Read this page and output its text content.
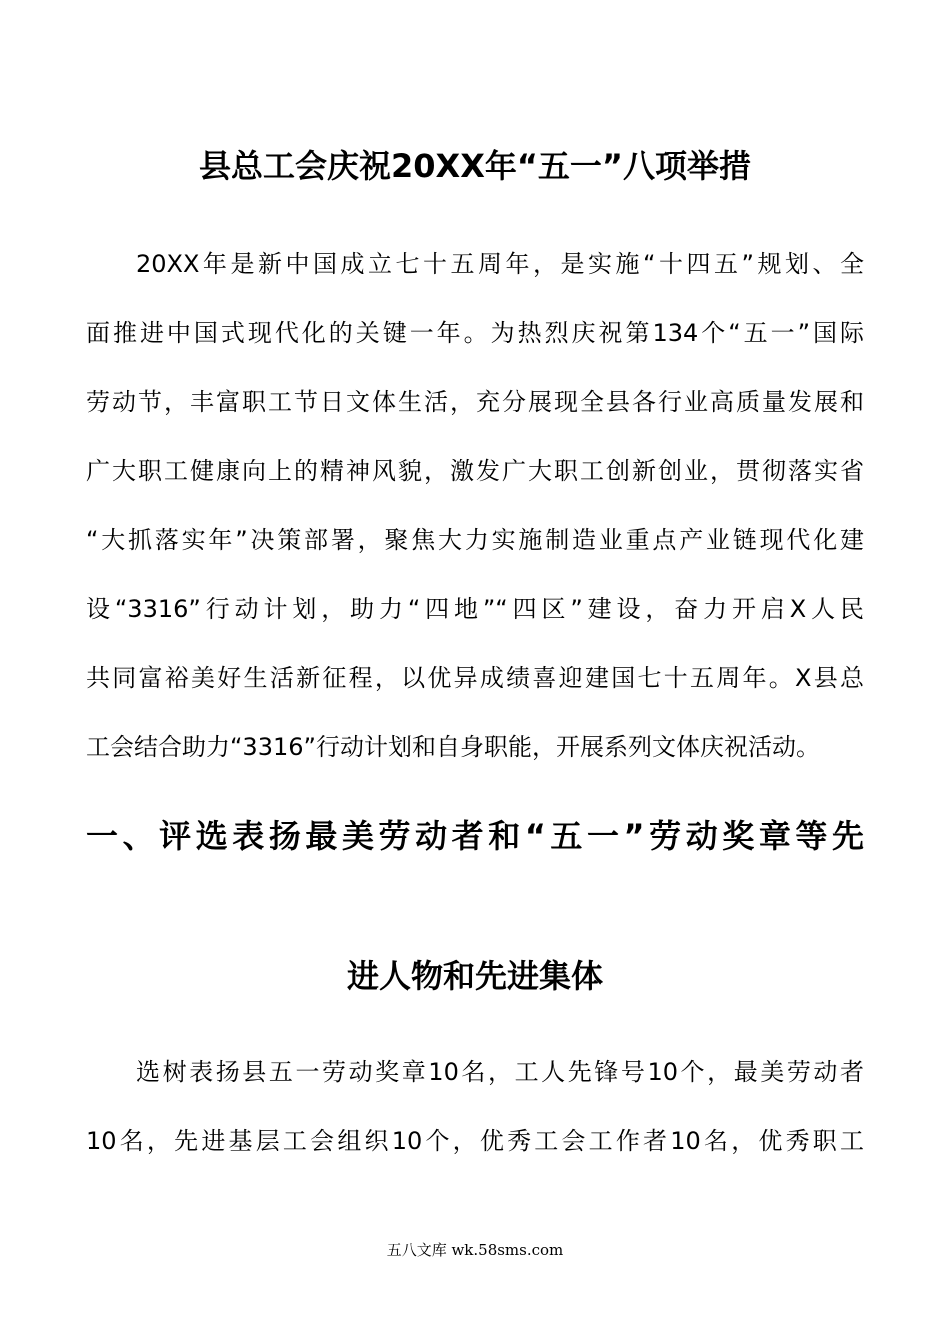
县总工会庆祝20XX年“五一”八项举措
20XX年是新中国成立七十五周年，是实施“十四五”规划、全
面推进中国式现代化的关键一年。为热烈庆祝第134个“五一”国际
劳动节，丰富职工节日文体生活，充分展现全县各行业高质量发展和
广大职工健康向上的精神风貌，激发广大职工创新创业，贯彻落实省
“大抓落实年”决策部署，聚焦大力实施制造业重点产业链现代化建
设“3316”行动计划，助力“四地”“四区”建设，奋力开启X人民
共同富裕美好生活新征程，以优异成绩喜迎建国七十五周年。X县总
工会结合助力“3316”行动计划和自身职能，开展系列文体庆祝活动。
一、评选表扬最美劳动者和“五一”劳动奖章等先
进人物和先进集体
选树表扬县五一劳动奖章10名，工人先锋号10个，最美劳动者
10名，先进基层工会组织10个，优秀工会工作者10名，优秀职工
五八文库 wk.58sms.com
